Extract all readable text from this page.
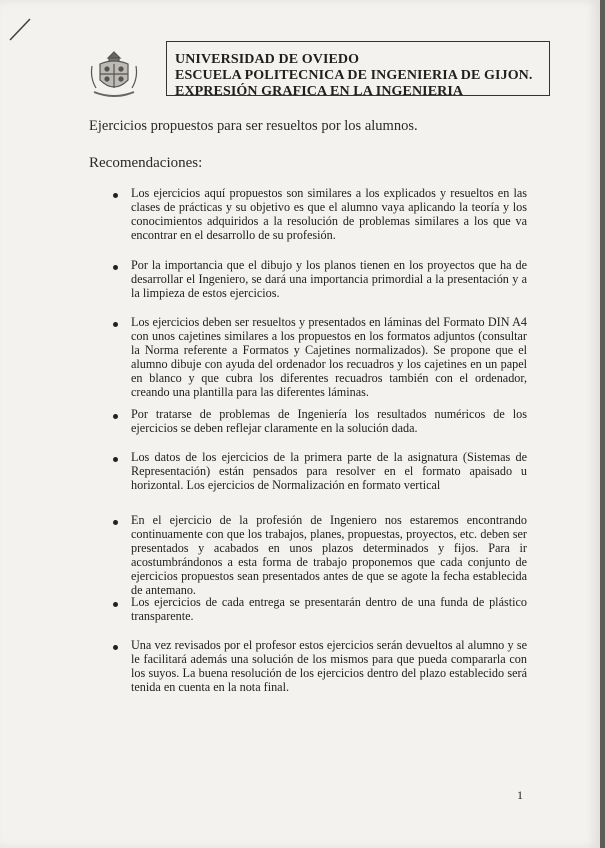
UNIVERSIDAD DE OVIEDO
ESCUELA POLITECNICA DE INGENIERIA DE GIJON.
EXPRESIÓN GRAFICA EN LA INGENIERIA
Ejercicios propuestos para ser resueltos por los alumnos.
Recomendaciones:
Los ejercicios aquí propuestos son similares a los explicados y resueltos en las clases de prácticas y su objetivo es que el alumno vaya aplicando la teoría y los conocimientos adquiridos a la resolución de problemas similares a los que va encontrar en el desarrollo de su profesión.
Por la importancia que el dibujo y los planos tienen en los proyectos que ha de desarrollar el Ingeniero, se dará una importancia primordial a la presentación y a la limpieza de estos ejercicios.
Los ejercicios deben ser resueltos y presentados en láminas del Formato DIN A4 con unos cajetines similares a los propuestos en los formatos adjuntos (consultar la Norma referente a Formatos y Cajetines normalizados). Se propone que el alumno dibuje con ayuda del ordenador los recuadros y los cajetines en un papel en blanco y que cubra los diferentes recuadros también con el ordenador, creando una plantilla para las diferentes láminas.
Por tratarse de problemas de Ingeniería los resultados numéricos de los ejercicios se deben reflejar claramente en la solución dada.
Los datos de los ejercicios de la primera parte de la asignatura (Sistemas de Representación) están pensados para resolver en el formato apaisado u horizontal. Los ejercicios de Normalización en formato vertical
En el ejercicio de la profesión de Ingeniero nos estaremos encontrando continuamente con que los trabajos, planes, propuestas, proyectos, etc. deben ser presentados y acabados en unos plazos determinados y fijos. Para ir acostumbrándonos a esta forma de trabajo proponemos que cada conjunto de ejercicios propuestos sean presentados antes de que se agote la fecha establecida de antemano.
Los ejercicios de cada entrega se presentarán dentro de una funda de plástico transparente.
Una vez revisados por el profesor estos ejercicios serán devueltos al alumno y se le facilitará además una solución de los mismos para que pueda compararla con los suyos. La buena resolución de los ejercicios dentro del plazo establecido será tenida en cuenta en la nota final.
1
